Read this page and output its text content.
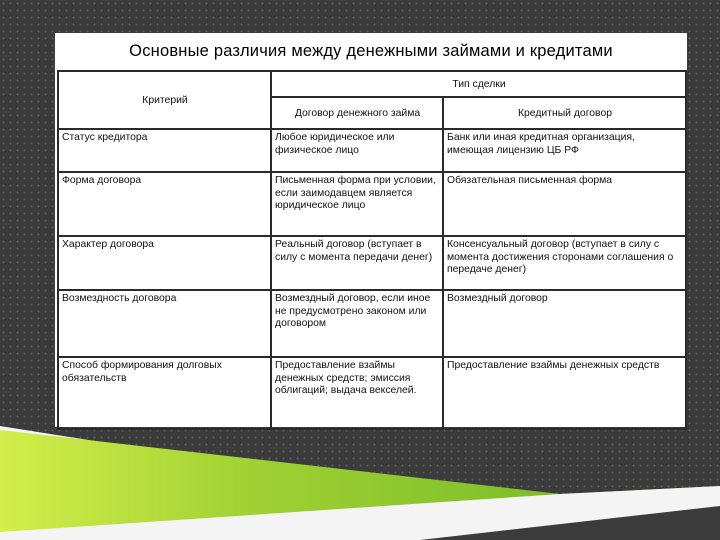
Основные различия между денежными займами и кредитами
Критерий	Тип сделки	
	Договор денежного займа	Кредитный договор
Статус кредитора	Любое юридическое или физическое лицо	Банк или иная кредитная организация, имеющая лицензию ЦБ РФ
Форма договора	Письменная форма при условии, если заимодавцем является юридическое лицо	Обязательная письменная форма
Характер договора	Реальный договор (вступает в силу с момента передачи денег)	Консенсуальный договор (вступает в силу с момента достижения сторонами соглашения о передаче денег)
Возмездность договора	Возмездный договор, если иное не предусмотрено законом или договором	Возмездный договор
Способ формирования долговых обязательств	Предоставление взаймы денежных средств; эмиссия облигаций; выдача векселей.	Предоставление взаймы денежных средств
